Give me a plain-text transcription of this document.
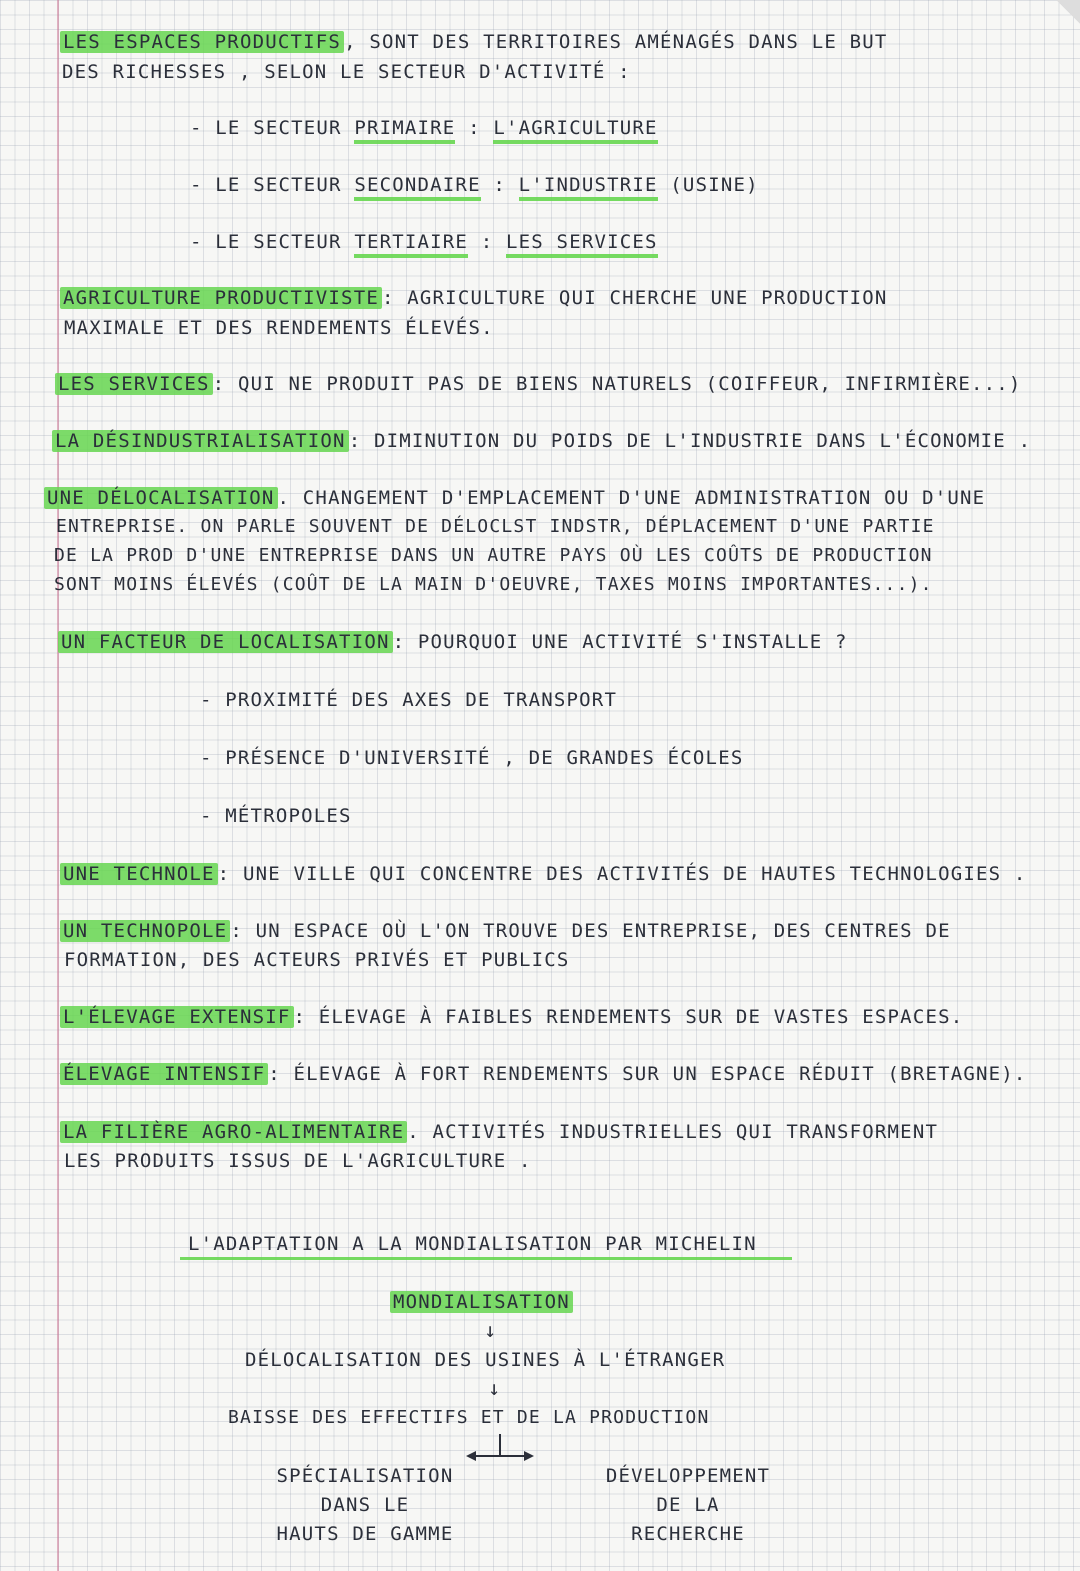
LES ESPACES PRODUCTIFS , SONT DES TERRITOIRES AMÉNAGÉS DANS LE BUT
DES RICHESSES , SELON LE SECTEUR D'ACTIVITÉ :
- LE SECTEUR PRIMAIRE : L'AGRICULTURE
- LE SECTEUR SECONDAIRE : L'INDUSTRIE (USINE)
- LE SECTEUR TERTIAIRE : LES SERVICES
AGRICULTURE PRODUCTIVISTE : AGRICULTURE QUI CHERCHE UNE PRODUCTION
MAXIMALE ET DES RENDEMENTS ÉLEVÉS.
LES SERVICES : QUI NE PRODUIT PAS DE BIENS NATURELS (COIFFEUR, INFIRMIÈRE...)
LA DÉSINDUSTRIALISATION : DIMINUTION DU POIDS DE L'INDUSTRIE DANS L'ÉCONOMIE .
UNE DÉLOCALISATION . CHANGEMENT D'EMPLACEMENT D'UNE ADMINISTRATION OU D'UNE
ENTREPRISE. ON PARLE SOUVENT DE DÉLOCLST INDSTR, DÉPLACEMENT D'UNE PARTIE
DE LA PROD D'UNE ENTREPRISE DANS UN AUTRE PAYS OÙ LES COÛTS DE PRODUCTION
SONT MOINS ÉLEVÉS (COÛT DE LA MAIN D'OEUVRE, TAXES MOINS IMPORTANTES...).
UN FACTEUR DE LOCALISATION : POURQUOI UNE ACTIVITÉ S'INSTALLE ?
- PROXIMITÉ DES AXES DE TRANSPORT
- PRÉSENCE D'UNIVERSITÉ , DE GRANDES ÉCOLES
- MÉTROPOLES
UNE TECHNOLE : UNE VILLE QUI CONCENTRE DES ACTIVITÉS DE HAUTES TECHNOLOGIES .
UN TECHNOPOLE : UN ESPACE OÙ L'ON TROUVE DES ENTREPRISE, DES CENTRES DE
FORMATION, DES ACTEURS PRIVÉS ET PUBLICS
L'ÉLEVAGE EXTENSIF : ÉLEVAGE À FAIBLES RENDEMENTS SUR DE VASTES ESPACES.
ÉLEVAGE INTENSIF : ÉLEVAGE À FORT RENDEMENTS SUR UN ESPACE RÉDUIT (BRETAGNE).
LA FILIÈRE AGRO-ALIMENTAIRE . ACTIVITÉS INDUSTRIELLES QUI TRANSFORMENT
LES PRODUITS ISSUS DE L'AGRICULTURE .
L'ADAPTATION A LA MONDIALISATION PAR MICHELIN
MONDIALISATION
↓
DÉLOCALISATION DES USINES À L'ÉTRANGER
↓
BAISSE DES EFFECTIFS ET DE LA PRODUCTION
SPÉCIALISATION
DANS LE
HAUTS DE GAMME
DÉVELOPPEMENT
DE LA
RECHERCHE
